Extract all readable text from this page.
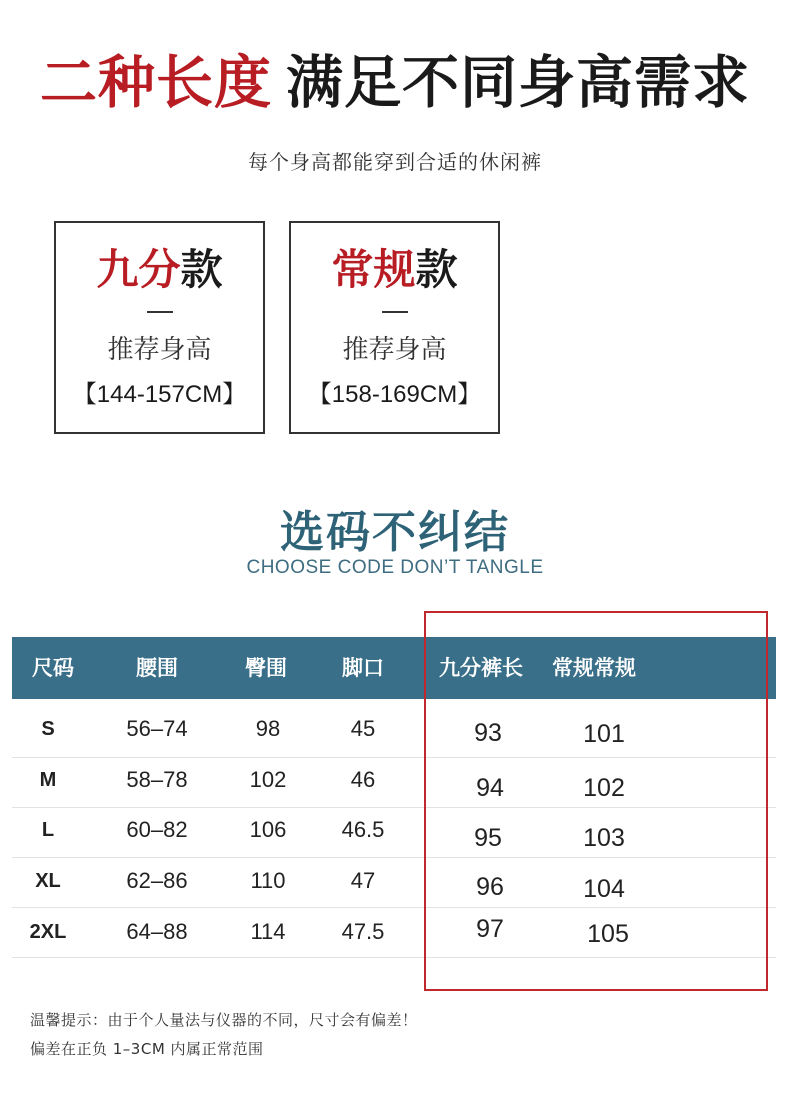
二种长度 满足不同身高需求
每个身高都能穿到合适的休闲裤
九分款
推荐身高
【144-157CM】
常规款
推荐身高
【158-169CM】
选码不纠结
CHOOSE CODE DON’T TANGLE
尺码	腰围	臀围	脚口	九分裤长	常规常规
S	56–74	98	45	93	101
M	58–78	102	46	94	102
L	60–82	106	46.5	95	103
XL	62–86	110	47	96	104
2XL	64–88	114	47.5	97	105
温馨提示：由于个人量法与仪器的不同，尺寸会有偏差！
偏差在正负 1–3CM 内属正常范围
